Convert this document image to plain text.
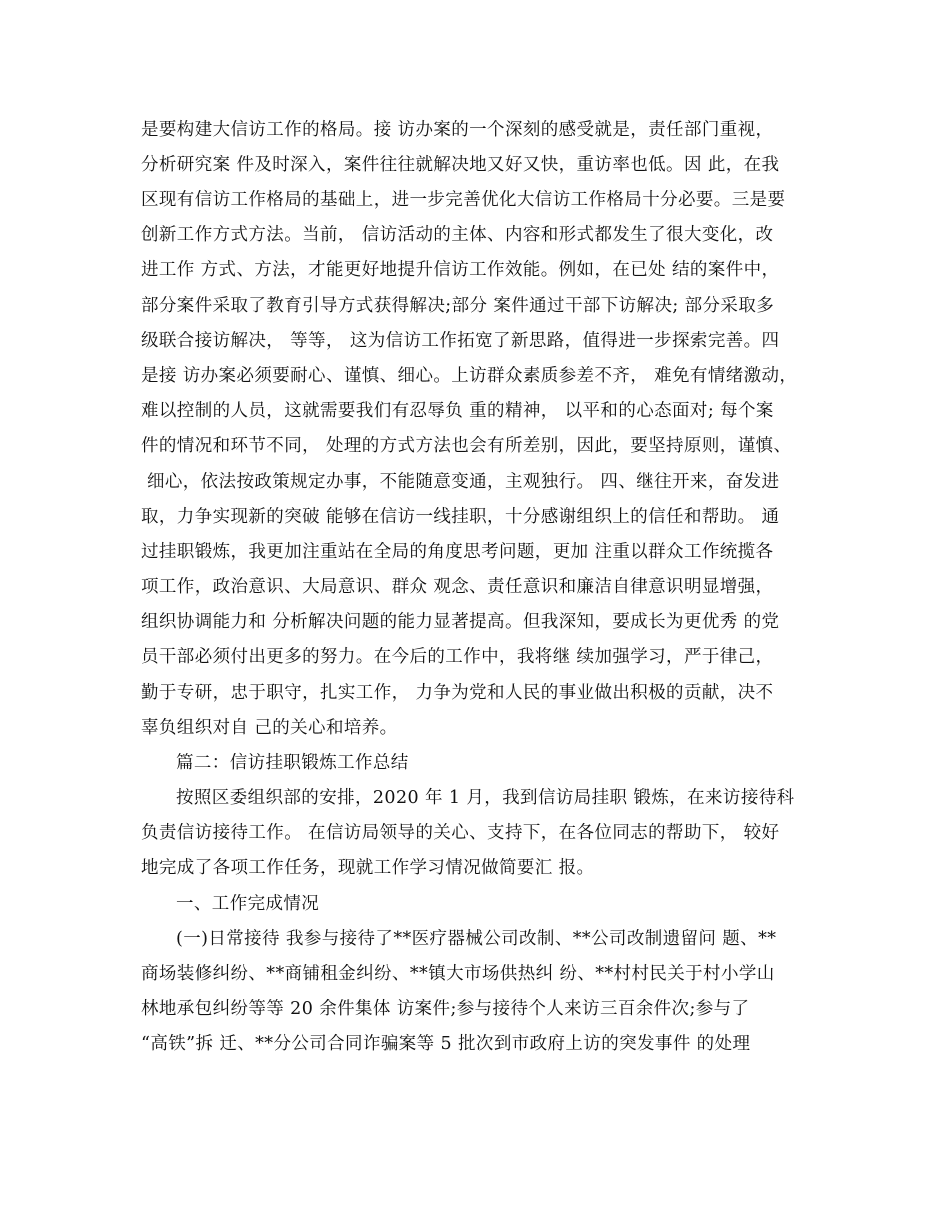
是要构建大信访工作的格局。接 访办案的一个深刻的感受就是，责任部门重视，

分析研究案 件及时深入，案件往往就解决地又好又快，重访率也低。因 此，在我

区现有信访工作格局的基础上，进一步完善优化大信访工作格局十分必要。三是要

创新工作方式方法。当前， 信访活动的主体、内容和形式都发生了很大变化，改

进工作 方式、方法，才能更好地提升信访工作效能。例如，在已处 结的案件中，

部分案件采取了教育引导方式获得解决;部分 案件通过干部下访解决; 部分采取多

级联合接访解决， 等等， 这为信访工作拓宽了新思路，值得进一步探索完善。四

是接 访办案必须要耐心、谨慎、细心。上访群众素质参差不齐， 难免有情绪激动，

难以控制的人员，这就需要我们有忍辱负 重的精神， 以平和的心态面对; 每个案

件的情况和环节不同， 处理的方式方法也会有所差别，因此，要坚持原则，谨慎、

细心，依法按政策规定办事，不能随意变通，主观独行。 四、继往开来，奋发进

取，力争实现新的突破 能够在信访一线挂职，十分感谢组织上的信任和帮助。 通

过挂职锻炼，我更加注重站在全局的角度思考问题，更加 注重以群众工作统揽各

项工作，政治意识、大局意识、群众 观念、责任意识和廉洁自律意识明显增强，

组织协调能力和 分析解决问题的能力显著提高。但我深知，要成长为更优秀 的党

员干部必须付出更多的努力。在今后的工作中，我将继 续加强学习，严于律己，

勤于专研，忠于职守，扎实工作， 力争为党和人民的事业做出积极的贡献，决不

辜负组织对自 己的关心和培养。

篇二：信访挂职锻炼工作总结

按照区委组织部的安排，2020 年 1 月，我到信访局挂职 锻炼，在来访接待科

负责信访接待工作。 在信访局领导的关心、支持下，在各位同志的帮助下， 较好

地完成了各项工作任务，现就工作学习情况做简要汇 报。

一、工作完成情况

(一)日常接待 我参与接待了**医疗器械公司改制、**公司改制遗留问 题、**

商场装修纠纷、**商铺租金纠纷、**镇大市场供热纠 纷、**村村民关于村小学山

林地承包纠纷等等 20 余件集体 访案件;参与接待个人来访三百余件次;参与了

“高铁”拆 迁、**分公司合同诈骗案等 5 批次到市政府上访的突发事件 的处理
